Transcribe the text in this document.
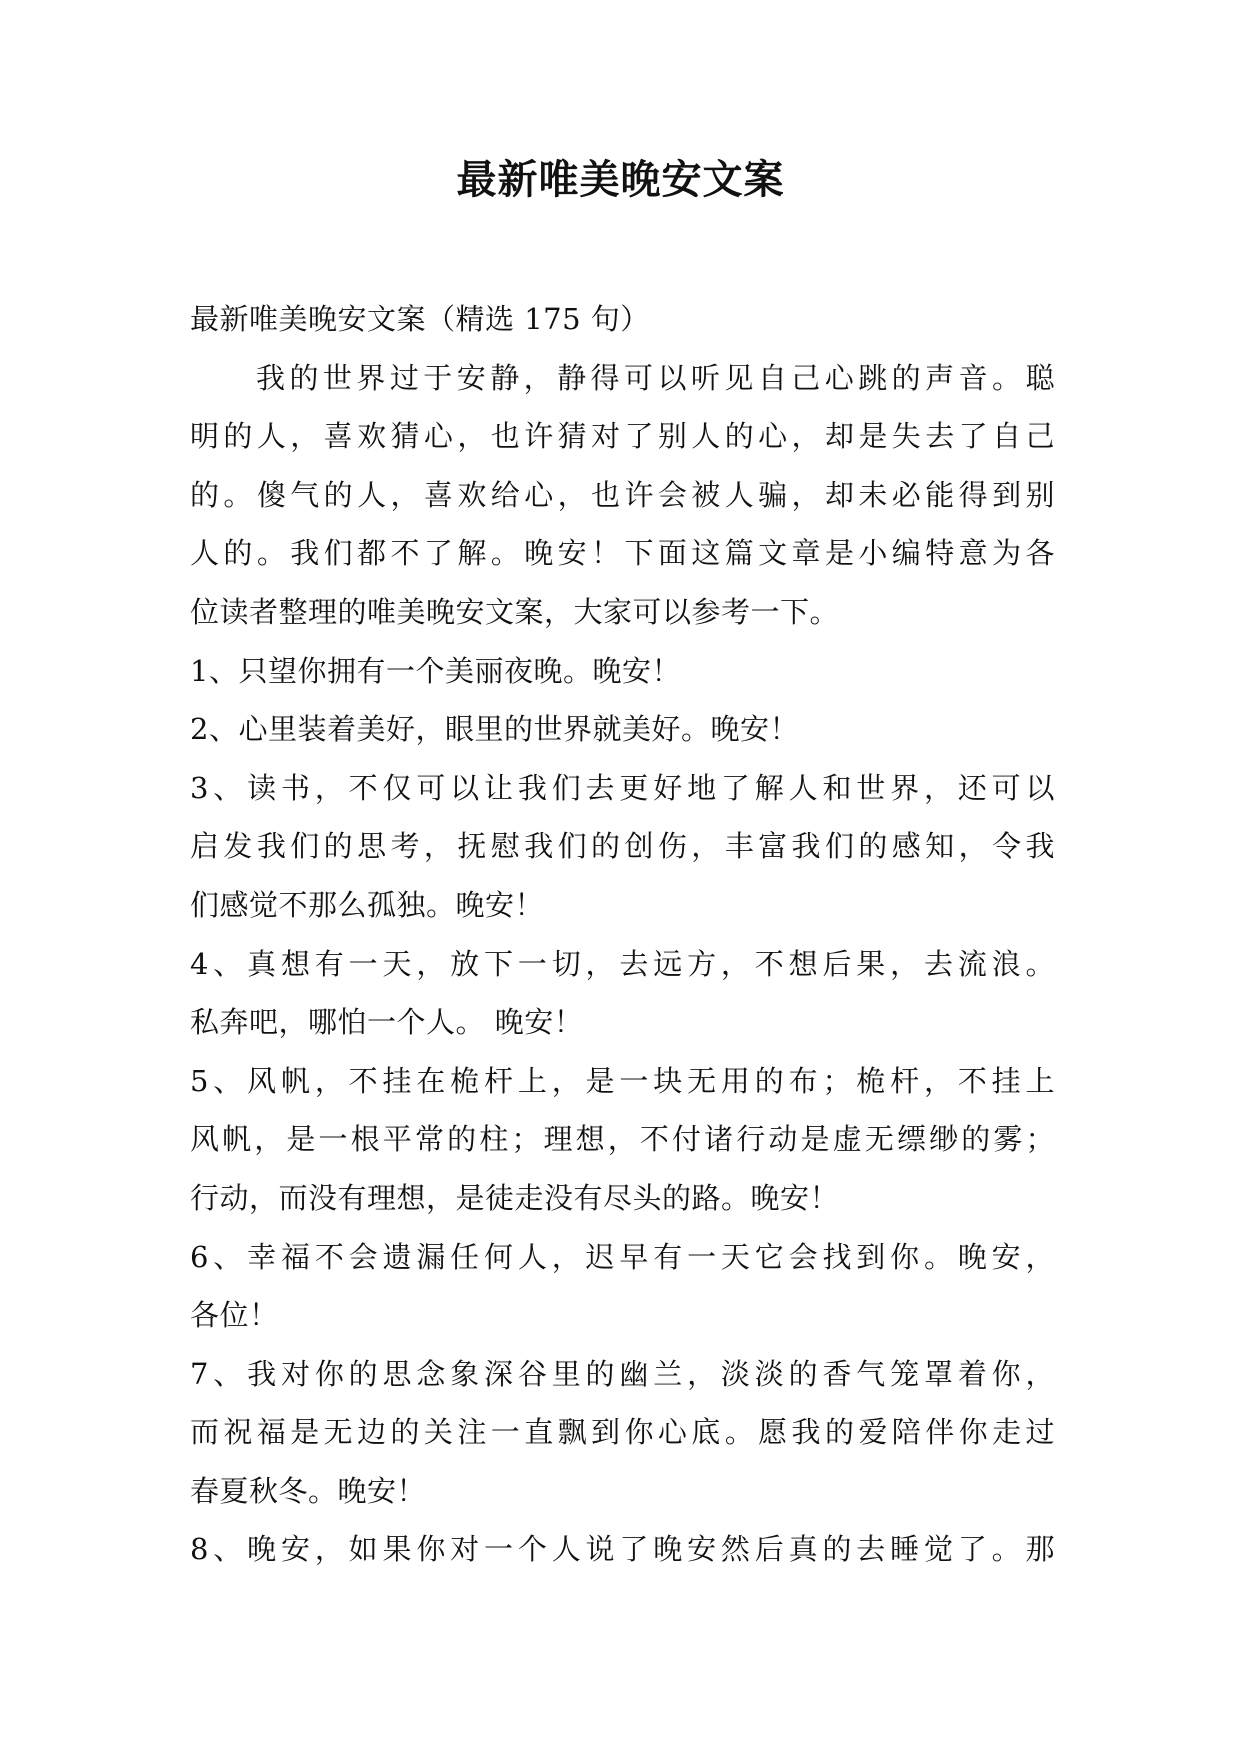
最新唯美晚安文案
最新唯美晚安文案（精选 175 句）
我的世界过于安静，静得可以听见自己心跳的声音。聪
明的人，喜欢猜心，也许猜对了别人的心，却是失去了自己
的。傻气的人，喜欢给心，也许会被人骗，却未必能得到别
人的。我们都不了解。晚安！下面这篇文章是小编特意为各
位读者整理的唯美晚安文案，大家可以参考一下。
1、只望你拥有一个美丽夜晚。晚安！
2、心里装着美好，眼里的世界就美好。晚安！
3、读书，不仅可以让我们去更好地了解人和世界，还可以
启发我们的思考，抚慰我们的创伤，丰富我们的感知，令我
们感觉不那么孤独。晚安！
4、真想有一天，放下一切，去远方，不想后果，去流浪。
私奔吧，哪怕一个人。 晚安！
5、风帆，不挂在桅杆上，是一块无用的布；桅杆，不挂上
风帆，是一根平常的柱；理想，不付诸行动是虚无缥缈的雾；
行动，而没有理想，是徒走没有尽头的路。晚安！
6、幸福不会遗漏任何人，迟早有一天它会找到你。晚安，
各位！
7、我对你的思念象深谷里的幽兰，淡淡的香气笼罩着你，
而祝福是无边的关注一直飘到你心底。愿我的爱陪伴你走过
春夏秋冬。晚安！
8、晚安，如果你对一个人说了晚安然后真的去睡觉了。那
